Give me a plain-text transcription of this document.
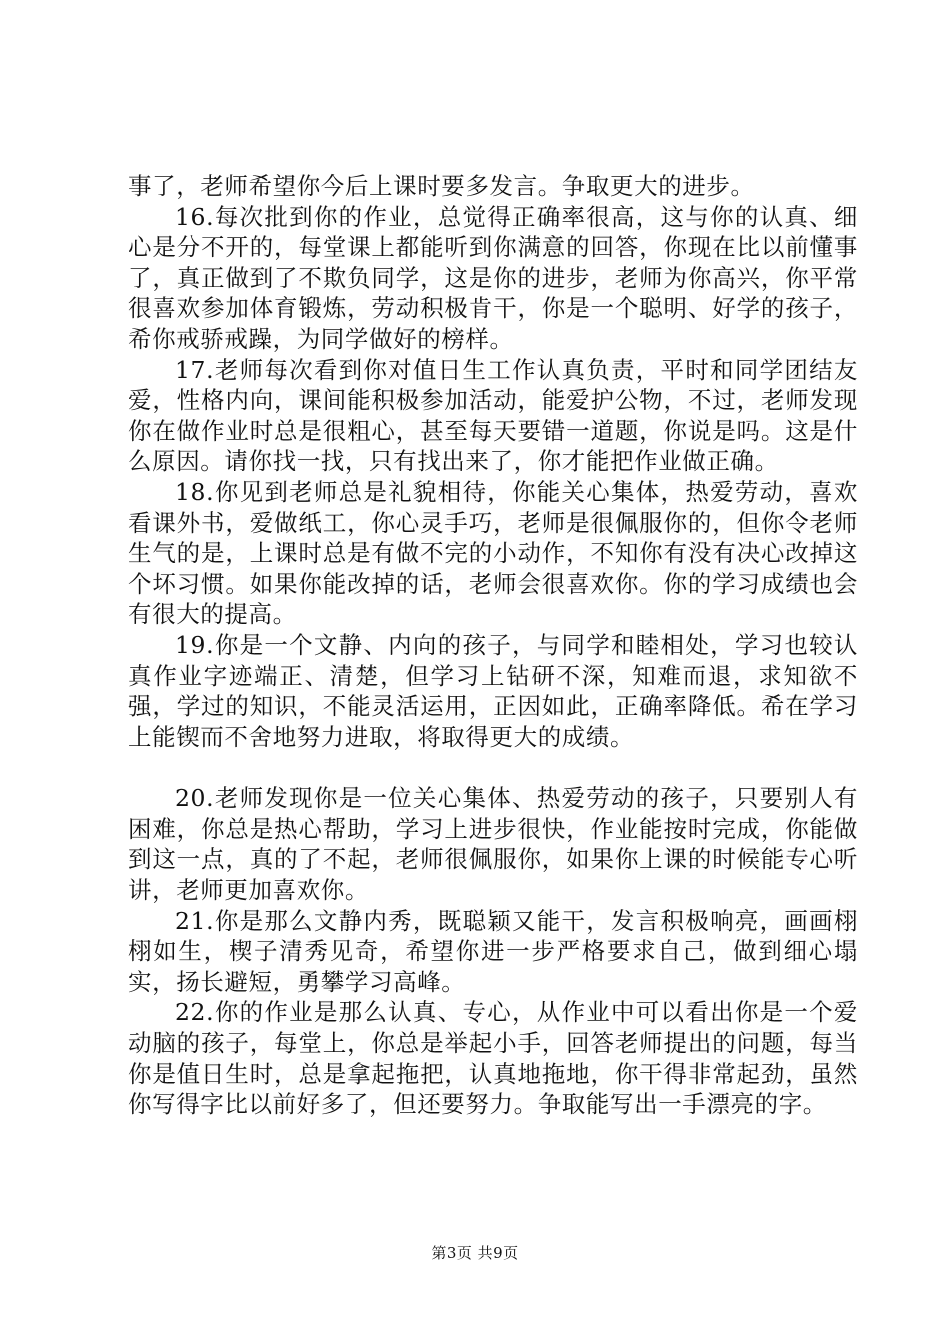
事了，老师希望你今后上课时要多发言。争取更大的进步。

16.每次批到你的作业，总觉得正确率很高，这与你的认真、细心是分不开的，每堂课上都能听到你满意的回答，你现在比以前懂事了，真正做到了不欺负同学，这是你的进步，老师为你高兴，你平常很喜欢参加体育锻炼，劳动积极肯干，你是一个聪明、好学的孩子，希你戒骄戒躁，为同学做好的榜样。

17.老师每次看到你对值日生工作认真负责，平时和同学团结友爱，性格内向，课间能积极参加活动，能爱护公物，不过，老师发现你在做作业时总是很粗心，甚至每天要错一道题，你说是吗。这是什么原因。请你找一找，只有找出来了，你才能把作业做正确。

18.你见到老师总是礼貌相待，你能关心集体，热爱劳动，喜欢看课外书，爱做纸工，你心灵手巧，老师是很佩服你的，但你令老师生气的是，上课时总是有做不完的小动作，不知你有没有决心改掉这个坏习惯。如果你能改掉的话，老师会很喜欢你。你的学习成绩也会有很大的提高。

19.你是一个文静、内向的孩子，与同学和睦相处，学习也较认真作业字迹端正、清楚，但学习上钻研不深，知难而退，求知欲不强，学过的知识，不能灵活运用，正因如此，正确率降低。希在学习上能锲而不舍地努力进取，将取得更大的成绩。

20.老师发现你是一位关心集体、热爱劳动的孩子，只要别人有困难，你总是热心帮助，学习上进步很快，作业能按时完成，你能做到这一点，真的了不起，老师很佩服你，如果你上课的时候能专心听讲，老师更加喜欢你。

21.你是那么文静内秀，既聪颖又能干，发言积极响亮，画画栩栩如生，楔子清秀见奇，希望你进一步严格要求自己，做到细心塌实，扬长避短，勇攀学习高峰。

22.你的作业是那么认真、专心，从作业中可以看出你是一个爱动脑的孩子，每堂上，你总是举起小手，回答老师提出的问题，每当你是值日生时，总是拿起拖把，认真地拖地，你干得非常起劲，虽然你写得字比以前好多了，但还要努力。争取能写出一手漂亮的字。

第3页 共9页
